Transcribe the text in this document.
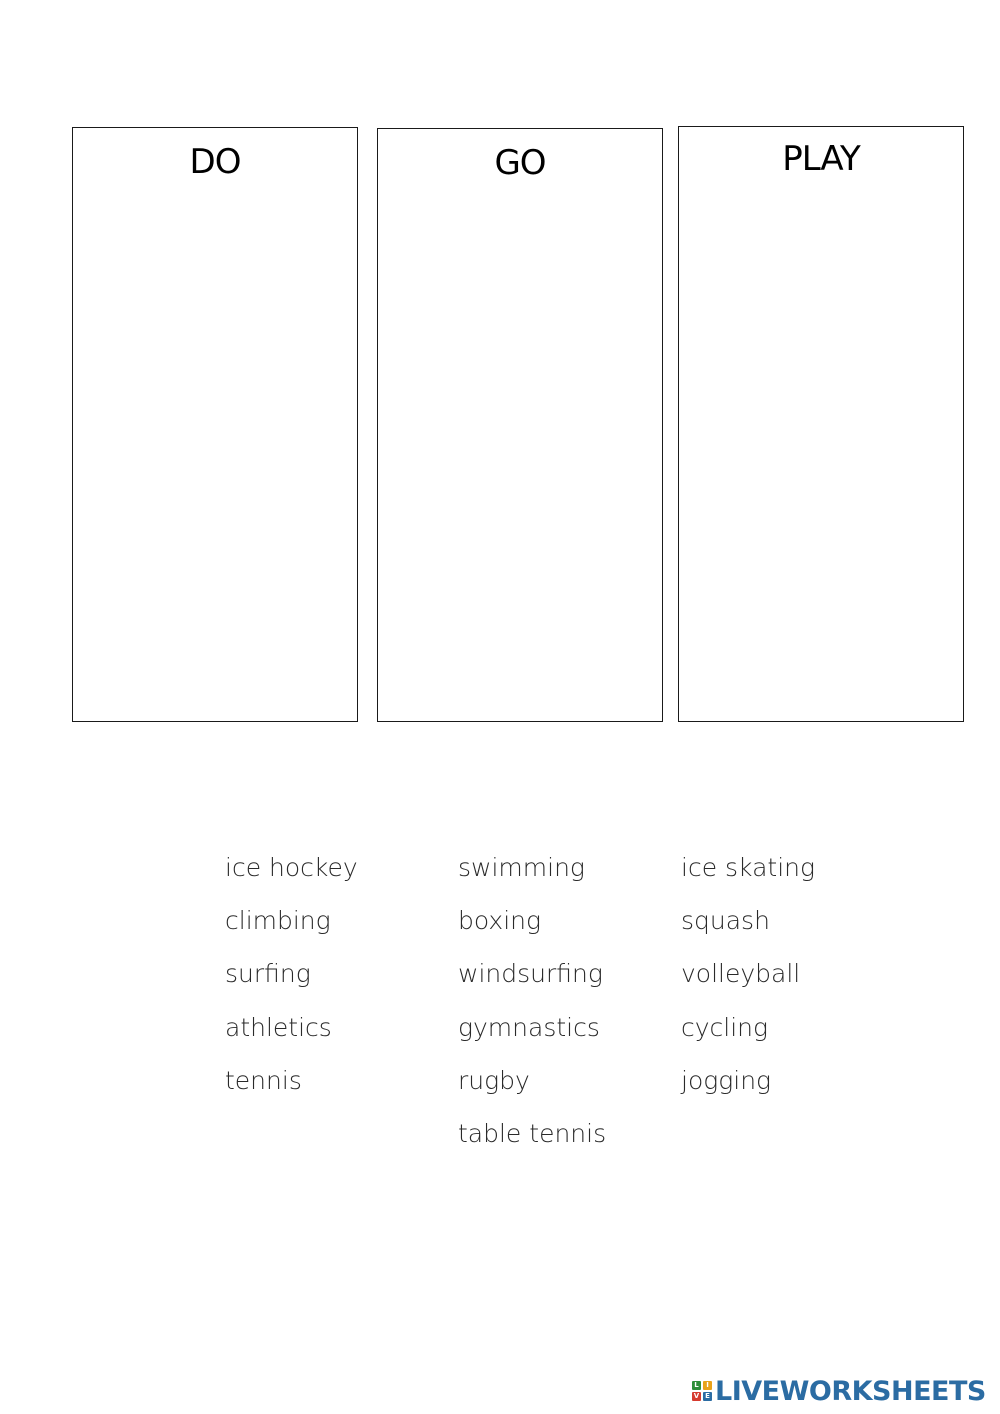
DO	GO	PLAY
ice hockey
climbing
surfing
athletics
tennis
swimming
boxing
windsurfing
gymnastics
rugby
table tennis
ice skating
squash
volleyball
cycling
jogging
L	I
V E LIVEWORKSHEETS
